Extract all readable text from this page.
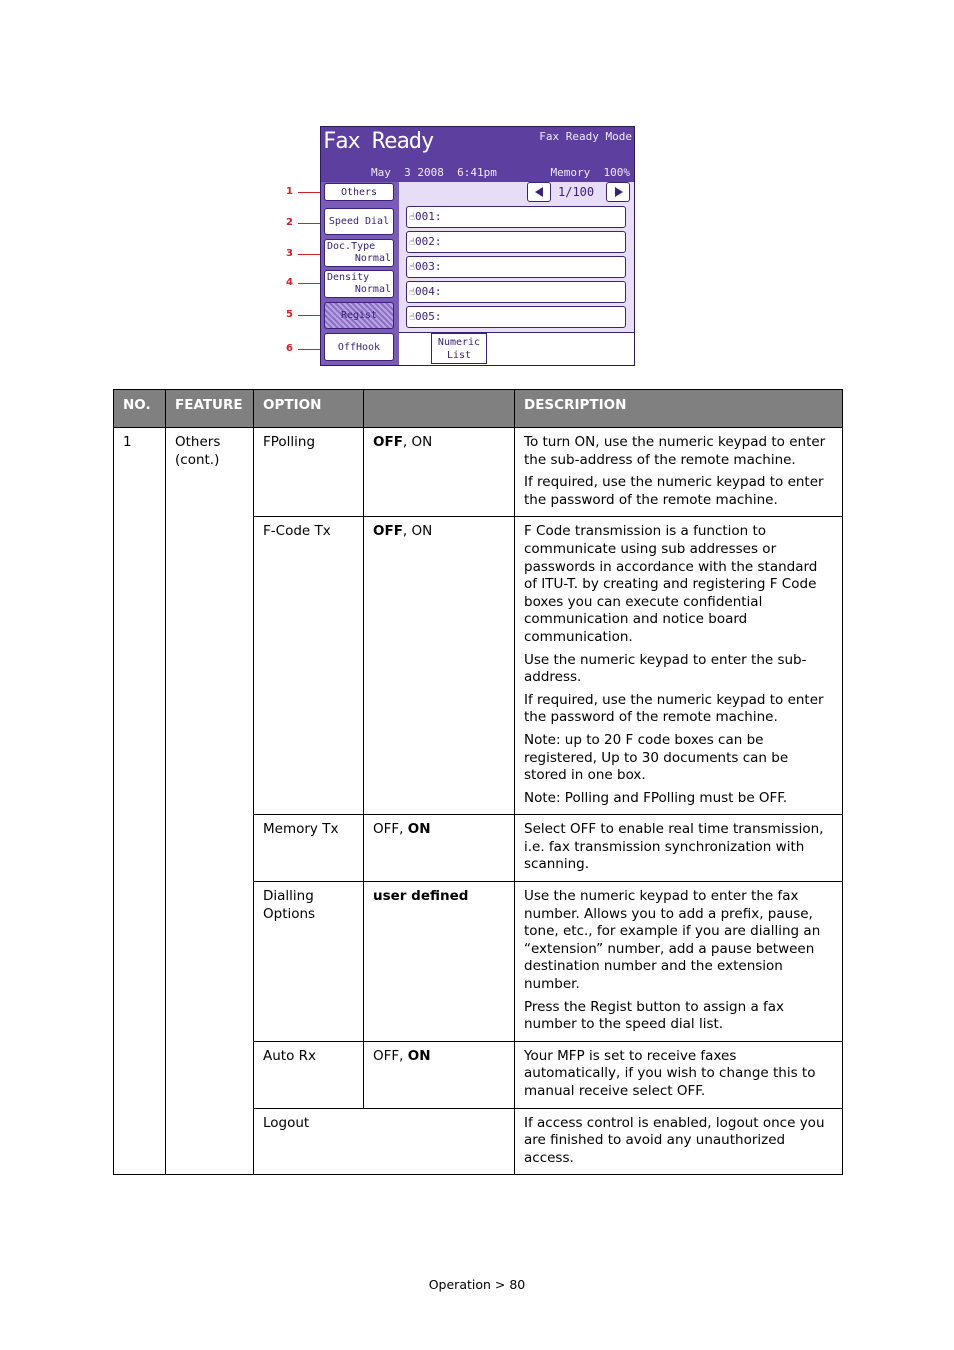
1
2
3
4
5
6
Fax Ready	Fax Ready Mode
May  3 2008  6:41pm	Memory  100%
Others
Speed Dial
Doc.Type
Normal
Density
Normal
Regist
OffHook
1/100
☝001:
☝002:
☝003:
☝004:
☝005:
Numeric
List
NO.	FEATURE	OPTION		DESCRIPTION
1	Others (cont.)	FPolling	OFF, ON	To turn ON, use the numeric keypad to enter the sub-address of the remote machine.

If required, use the numeric keypad to enter the password of the remote machine.

		F-Code Tx	OFF, ON	F Code transmission is a function to communicate using sub addresses or passwords in accordance with the standard of ITU-T. by creating and registering F Code boxes you can execute confidential communication and notice board communication.

Use the numeric keypad to enter the sub-address.

If required, use the numeric keypad to enter the password of the remote machine.

Note: up to 20 F code boxes can be registered, Up to 30 documents can be stored in one box.

Note: Polling and FPolling must be OFF.

		Memory Tx	OFF, ON	Select OFF to enable real time transmission, i.e. fax transmission synchronization with scanning.

		Dialling Options	user defined	Use the numeric keypad to enter the fax number. Allows you to add a prefix, pause, tone, etc., for example if you are dialling an “extension” number, add a pause between destination number and the extension number.

Press the Regist button to assign a fax number to the speed dial list.

		Auto Rx	OFF, ON	Your MFP is set to receive faxes automatically, if you wish to change this to manual receive select OFF.

		Logout		If access control is enabled, logout once you are finished to avoid any unauthorized access.

Operation > 80
